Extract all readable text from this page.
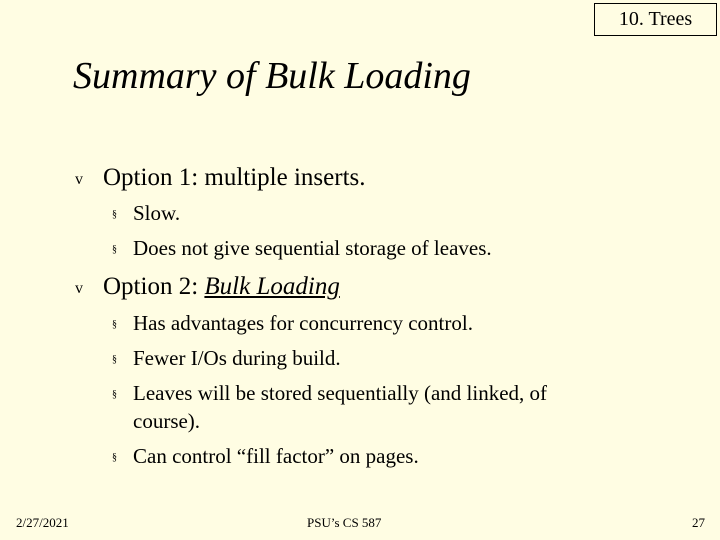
10. Trees
Summary of Bulk Loading
v Option 1: multiple inserts.
§ Slow.
§ Does not give sequential storage of leaves.
v Option 2: Bulk Loading
§ Has advantages for concurrency control.
§ Fewer I/Os during build.
§ Leaves will be stored sequentially (and linked, of
course).
§ Can control “fill factor” on pages.
2/27/2021	PSU’s CS 587	27
